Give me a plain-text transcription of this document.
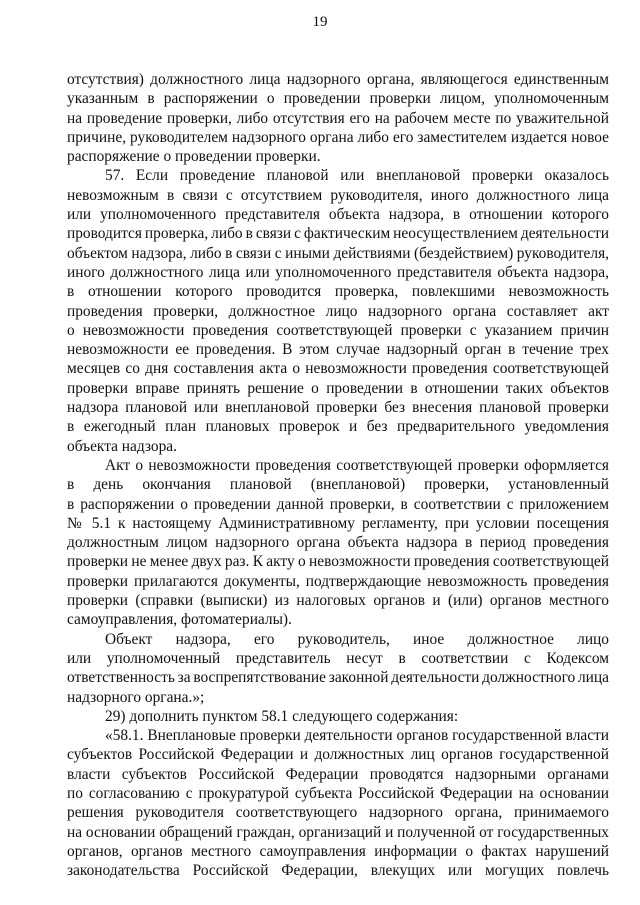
19

отсутствия) должностного лица надзорного органа, являющегося единственным
указанным в распоряжении о проведении проверки лицом, уполномоченным
на проведение проверки, либо отсутствия его на рабочем месте по уважительной
причине, руководителем надзорного органа либо его заместителем издается новое
распоряжение о проведении проверки.

57. Если проведение плановой или внеплановой проверки оказалось
невозможным в связи с отсутствием руководителя, иного должностного лица
или уполномоченного представителя объекта надзора, в отношении которого
проводится проверка, либо в связи с фактическим неосуществлением деятельности
объектом надзора, либо в связи с иными действиями (бездействием) руководителя,
иного должностного лица или уполномоченного представителя объекта надзора,
в отношении которого проводится проверка, повлекшими невозможность
проведения проверки, должностное лицо надзорного органа составляет акт
о невозможности проведения соответствующей проверки с указанием причин
невозможности ее проведения. В этом случае надзорный орган в течение трех
месяцев со дня составления акта о невозможности проведения соответствующей
проверки вправе принять решение о проведении в отношении таких объектов
надзора плановой или внеплановой проверки без внесения плановой проверки
в ежегодный план плановых проверок и без предварительного уведомления
объекта надзора.

Акт о невозможности проведения соответствующей проверки оформляется
в день окончания плановой (внеплановой) проверки, установленный
в распоряжении о проведении данной проверки, в соответствии с приложением
№ 5.1 к настоящему Административному регламенту, при условии посещения
должностным лицом надзорного органа объекта надзора в период проведения
проверки не менее двух раз. К акту о невозможности проведения соответствующей
проверки прилагаются документы, подтверждающие невозможность проведения
проверки (справки (выписки) из налоговых органов и (или) органов местного
самоуправления, фотоматериалы).

Объект надзора, его руководитель, иное должностное лицо
или уполномоченный представитель несут в соответствии с Кодексом
ответственность за воспрепятствование законной деятельности должностного лица
надзорного органа.»;

29) дополнить пунктом 58.1 следующего содержания:

«58.1. Внеплановые проверки деятельности органов государственной власти
субъектов Российской Федерации и должностных лиц органов государственной
власти субъектов Российской Федерации проводятся надзорными органами
по согласованию с прокуратурой субъекта Российской Федерации на основании
решения руководителя соответствующего надзорного органа, принимаемого
на основании обращений граждан, организаций и полученной от государственных
органов, органов местного самоуправления информации о фактах нарушений
законодательства Российской Федерации, влекущих или могущих повлечь
